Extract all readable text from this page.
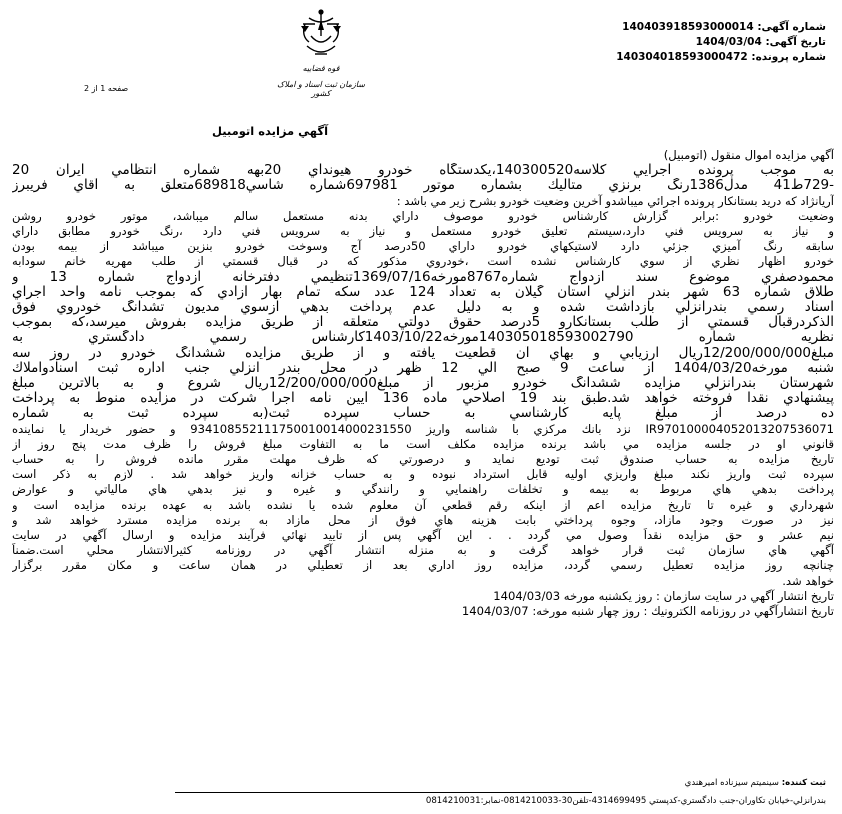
شماره آگهی: 140403918593000014
تاریخ آگهی: 1404/03/04
شماره پرونده: 140304018593000472
قوه قضاییه
سازمان ثبت اسناد و املاک کشور
صفحه 1 از 2
آگهي مزايده اتومبيل
آگهي مزايده اموال منقول (اتومبيل)
به موجب پرونده اجرايي كلاسه140300520،يكدستگاه خودرو هيونداي 20بهه شماره انتظامي ايران 20
-729ط41 مدل1386رنگ برنزي متاليك بشماره موتور 697981شماره شاسي689818متعلق به آقاي فريبرز
آريانژاد كه دريد بستانكار پرونده اجرائي ميباشدو آخرين وضعيت خودرو بشرح زير مي باشد :
وضعيت خودرو :برابر گزارش كارشناس خودرو موصوف داراي بدنه مستعمل سالم ميباشد، موتور خودرو روشن
و نياز به سرويس فني دارد،سيستم تعليق خودرو مستعمل و نياز به سرويس فني دارد ،رنگ خودرو مطابق داراي
سابقه رنگ آميزي جزئي دارد لاستيكهاي خودرو داراي 50درصد آج وسوخت خودرو بنزين ميباشد از بيمه بودن
خودرو اظهار نظري از سوي كارشناس نشده است ،خودروي مذكور كه در قبال قسمتي از طلب مهريه خانم سودابه
محمودصفري موضوع سند ازدواج شماره8767مورخه1369/07/16تنظيمي دفترخانه ازدواج شماره 13 و
طلاق شماره 63 شهر بندر انزلي استان گيلان به تعداد 124 عدد سكه تمام بهار آزادي كه بموجب نامه واحد اجراي
اسناد رسمي بندرانزلي بازداشت شده و به دليل عدم پرداخت بدهي ازسوي مديون تشدانگ خودروي فوق
الذكردرقبال قسمتي از طلب بستانكارو 5درصد حقوق دولتي متعلقه از طريق مزايده بفروش ميرسد،كه بموجب
نظريه شماره 140305018593002790مورخه1403/10/22كارشناس رسمي دادگستري به
مبلغ12/200/000/000ريال ارزيابي و بهاي آن قطعيت يافته و از طريق مزايده ششدانگ خودرو در روز سه
شنبه مورخه1404/03/20 از ساعت 9 صبح الي 12 ظهر در محل بندر انزلي جنب اداره ثبت اسنادواملاك
شهرستان بندرانزلي مزايده ششدانگ خودرو مزبور از مبلغ12/200/000/000ريال شروع و به بالاترين مبلغ
پيشنهادي نقداً فروخته خواهد شد.طبق بند 19 اصلاحي ماده 136 آيين نامه اجرا شركت در مزايده منوط به پرداخت
ده درصد از مبلغ پايه كارشناسي به حساب سپرده ثبت(به سپرده ثبت به شماره
IR970100004052013207536071 نزد بانك مركزي با شناسه واريز 934108552111750010014000231550 و حضور خريدار يا نماينده
قانوني او در جلسه مزايده مي باشد برنده مزايده مكلف است ما به التفاوت مبلغ فروش را ظرف مدت پنج روز از
تاريخ مزايده به حساب صندوق ثبت توديع نمايد و درصورتي كه ظرف مهلت مقرر مانده فروش را به حساب
سپرده ثبت واريز نكند مبلغ واريزي اوليه قابل استرداد نبوده و به حساب خزانه واريز خواهد شد . لازم به ذكر است
پرداخت بدهي هاي مربوط به بيمه و تخلفات راهنمايي و رانندگي و غيره و نيز بدهي هاي مالياتي و عوارض
شهرداري و غيره تا تاريخ مزايده اعم از اينكه رقم قطعي آن معلوم شده يا نشده باشد به عهده برنده مزايده است و
نيز در صورت وجود مازاد، وجوه پرداختي بابت هزينه هاي فوق از محل مازاد به برنده مزايده مسترد خواهد شد و
نيم عشر و حق مزايده نقداً وصول مي گردد . . اين آگهي پس از تاييد نهائي فرآيند مزايده و ارسال آگهي در سايت
آگهي هاي سازمان ثبت قرار خواهد گرفت و به منزله انتشار آگهي در روزنامه كثيرالانتشار محلي است.ضمناً
چنانچه روز مزايده تعطيل رسمي گردد، مزايده روز اداري بعد از تعطيلي در همان ساعت و مكان مقرر برگزار
خواهد شد.
تاريخ انتشار آگهي در سايت سازمان : روز يكشنبه مورخه 1404/03/03
تاريخ انتشارآگهي در روزنامه الكترونيك : روز چهار شنبه مورخه: 1404/03/07
ثبت كننده: سينميتم سيزناده اميرهندي
بندرانزلي-خيابان تكاوران-جنب دادگستري-كدپستي 4314699495-تلفن30-0814210033-نمابر:0814210031
